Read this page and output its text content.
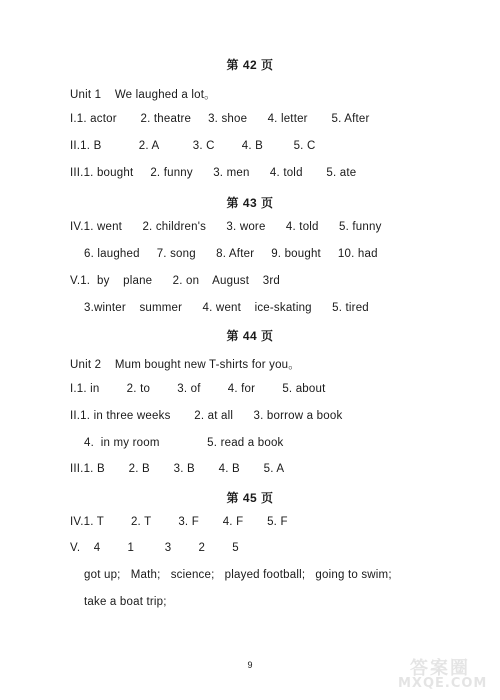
第 42 页
Unit 1    We laughed a lot。
I.1. actor       2. theatre     3. shoe      4. letter       5. After
II.1. B           2. A          3. C        4. B         5. C
III.1. bought     2. funny      3. men      4. told       5. ate
第 43 页
IV.1. went      2. children's      3. wore      4. told      5. funny
6. laughed     7. song      8. After     9. bought     10. had
V.1.  by    plane      2. on    August    3rd
3.winter    summer      4. went    ice-skating      5. tired
第 44 页
Unit 2    Mum bought new T-shirts for you。
I.1. in        2. to        3. of        4. for        5. about
II.1. in three weeks       2. at all      3. borrow a book
4.  in my room              5. read a book
III.1. B       2. B       3. B       4. B       5. A
第 45 页
IV.1. T        2. T        3. F       4. F       5. F
V.    4        1         3        2        5
got up;   Math;   science;   played football;   going to swim;
take a boat trip;
9	答案圈
MXQE.COM
